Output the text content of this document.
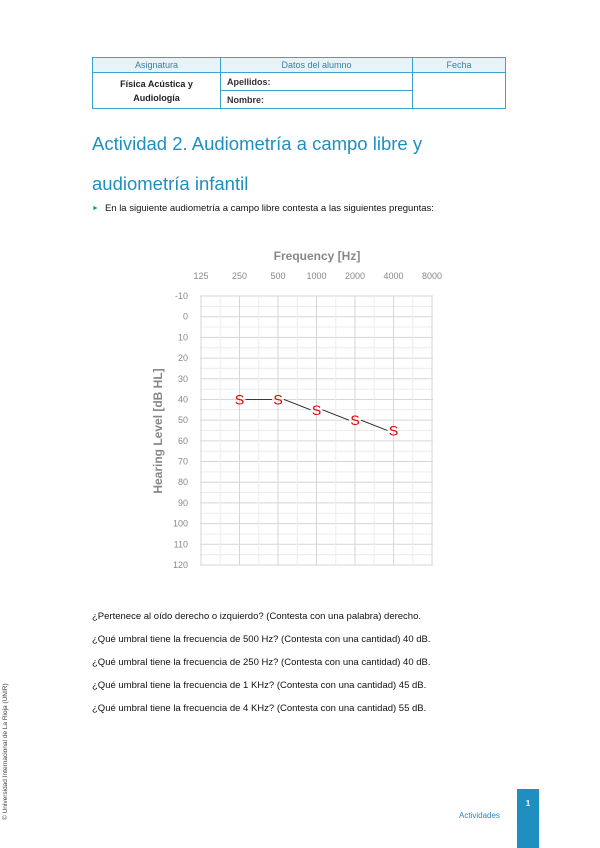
Asignatura	Datos del alumno	Fecha

Física Acústica y
Audiología	Apellidos:	
	Nombre:	
Actividad 2. Audiometría a campo libre y
audiometría infantil
► En la siguiente audiometría a campo libre contesta a las siguientes preguntas:
Frequency [Hz]
Hearing Level [dB HL]
125	250	500 1000 2000 4000 8000
-10
0
10
20
30
40
50
60
70
80
90
100
110
120
S S
S
S
S
¿Pertenece al oído derecho o izquierdo? (Contesta con una palabra) derecho.
¿Qué umbral tiene la frecuencia de 500 Hz? (Contesta con una cantidad) 40 dB.
¿Qué umbral tiene la frecuencia de 250 Hz? (Contesta con una cantidad) 40 dB.
¿Qué umbral tiene la frecuencia de 1 KHz? (Contesta con una cantidad) 45 dB.
¿Qué umbral tiene la frecuencia de 4 KHz? (Contesta con una cantidad) 55 dB.
© Universidad Internacional de La Rioja (UNIR)	Actividades
1
